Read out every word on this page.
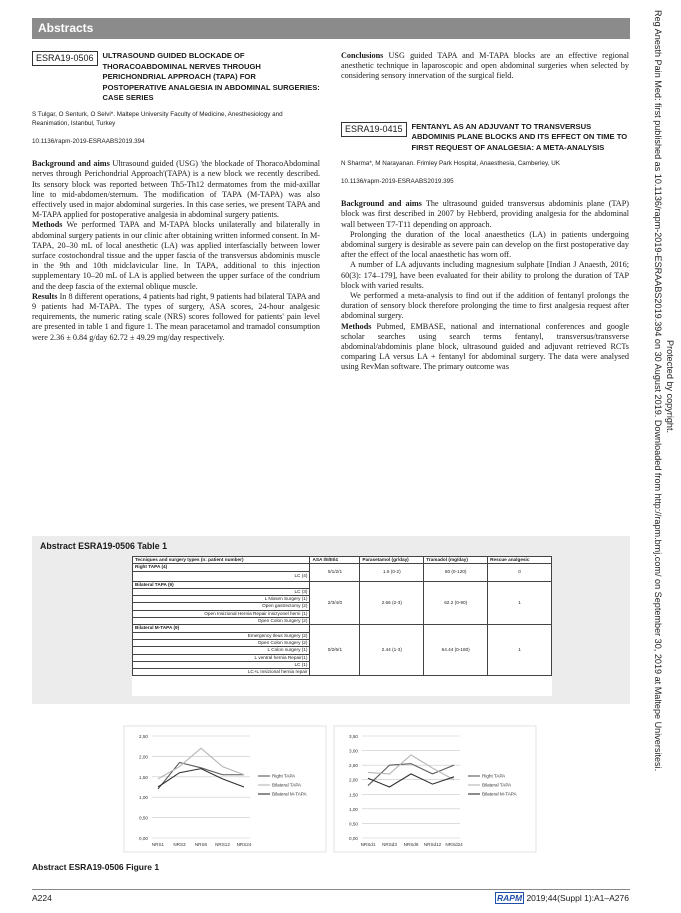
Abstracts
ESRA19-0506	ULTRASOUND GUIDED BLOCKADE OF THORACOABDOMINAL NERVES THROUGH PERICHONDRIAL APPROACH (TAPA) FOR POSTOPERATIVE ANALGESIA IN ABDOMINAL SURGERIES: CASE SERIES
S Tulgar, O Senturk, O Selvi*. Maltepe University Faculty of Medicine, Anesthesiology and Reanimation, Istanbul, Turkey
10.1136/rapm-2019-ESRAABS2019.394

Background and aims Ultrasound guided (USG) 'the blockade of ThoracoAbdominal nerves through Perichondrial Approach'(TAPA) is a new block we recently described. Its sensory block was reported between Th5-Th12 dermatomes from the mid-axillar line to mid-abdomen/sternum. The modification of TAPA (M-TAPA) was also effectively used in major abdominal surgeries. In this case series, we present TAPA and M-TAPA applied for postoperative analgesia in abdominal surgery patients.

Methods We performed TAPA and M-TAPA blocks unilaterally and bilaterally in abdominal surgery patients in our clinic after obtaining written informed consent. In M-TAPA, 20–30 mL of local anesthetic (LA) was applied interfascially between lower surface costochondral tissue and the upper fascia of the transversus abdominis muscle in the 9th and 10th midclavicular line. In TAPA, additional to this injection supplementary 10–20 mL of LA is applied between the upper surface of the condrium and the deep fascia of the external oblique muscle.

Results In 8 different operations, 4 patients had right, 9 patients had bilateral TAPA and 9 patients had M-TAPA. The types of surgery, ASA scores, 24-hour analgesic requirements, the numeric rating scale (NRS) scores followed for patients' pain level are presented in table 1 and figure 1. The mean paracetamol and tramadol consumption were 2.36 ± 0.84 g/day 62.72 ± 49.29 mg/day respectively.

Conclusions USG guided TAPA and M-TAPA blocks are an effective regional anesthetic technique in laparoscopic and open abdominal surgeries when selected by considering sensory innervation of the surgical field.

ESRA19-0415	FENTANYL AS AN ADJUVANT TO TRANSVERSUS ABDOMINIS PLANE BLOCKS AND ITS EFFECT ON TIME TO FIRST REQUEST OF ANALGESIA: A META-ANALYSIS
N Sharma*, M Narayanan. Frimley Park Hospital, Anaesthesia, Camberley, UK
10.1136/rapm-2019-ESRAABS2019.395

Background and aims The ultrasound guided transversus abdominis plane (TAP) block was first described in 2007 by Hebberd, providing analgesia for the abdominal wall between T7-T11 depending on approach.

Prolonging the duration of the local anaesthetics (LA) in patients undergoing abdominal surgery is desirable as severe pain can develop on the first postoperative day after the effect of the local anaesthetic has worn off.

A number of LA adjuvants including magnesium sulphate [Indian J Anaesth, 2016; 60(3): 174–179], have been evaluated for their ability to prolong the duration of TAP block with varied results.

We performed a meta-analysis to find out if the addition of fentanyl prolongs the duration of sensory block therefore prolonging the time to first analgesia request after abdominal surgery.

Methods Pubmed, EMBASE, national and international conferences and google scholar searches using search terms fentanyl, transversus/transverse abdominal/abdominis plane block, ultrasound guided and adjuvant retrieved RCTs comparing LA versus LA + fentanyl for abdominal surgery. The data were analysed using RevMan software. The primary outcome was

Abstract ESRA19-0506 Table 1
Tecniques and surgery types (n: patient number)	ASA I/II/III/4	Parasetamol (gr/day)	Tramadol (mg/day)	Rescue analgesic
Right TAPA (4)	0/1/2/1	1.5 (0-2)	60 (0-120)	0
LC (4)				
Bilateral TAPA (9)	2/3/4/0	2.66 (2-3)	62.2 (0-90)	1
LC (3)				
L Nissen Surgery (1)				
Open gastrectomy (2)				
Open Insizional Hernia Repair insizyonel herni (1)				
Open Colon Surgery (2)				
Bilateral M-TAPA (9)	0/2/6/1	2.44 (1-3)	64.44 (0-180)	1
Emergency Ileus Surgery (2)				
Open Colon Surgery (2)				
L Colon surgery (1)				
L ventral hernia Repair(1)				
LC (1)				
LC+L Insizional hernia repair				
0,00
0,50
1,00
1,50
2,00
2,50
NRS1 NRS3 NRS6 NRS12 NRS24
Right TAPA
Bilateral TAPA
Bilateral M-TAPA
0,00
0,50
1,00
1,50
2,00
2,50
3,00
3,50
NRSd1 NRSd3 NRSd6 NRSd12 NRSd24
Right TAPA
Bilateral TAPA
Bilateral M-TAPA
Abstract ESRA19-0506 Figure 1
A224	RAPM 2019;44(Suppl 1):A1–A276
Reg Anesth Pain Med: first published as 10.1136/rapm-2019-ESRAABS2019.394 on 30 August 2019. Downloaded from http://rapm.bmj.com/ on September 30, 2019 at Maltepe Universitesi. Protected by copyright.
